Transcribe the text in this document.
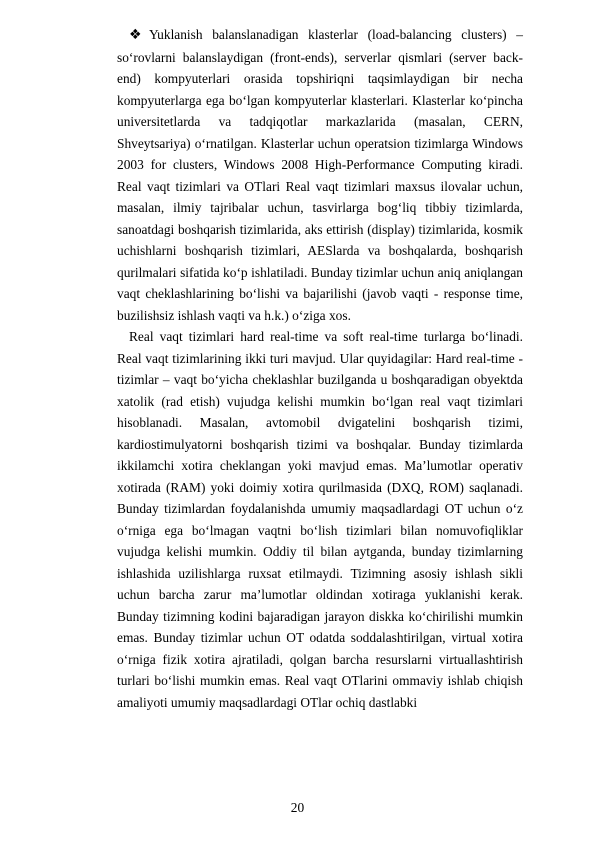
❖ Yuklanish balanslanadigan klasterlar (load-balancing clusters) – so‘rovlarni balanslaydigan (front-ends), serverlar qismlari (server back-end) kompyuterlari orasida topshiriqni taqsimlaydigan bir necha kompyuterlarga ega bo‘lgan kompyuterlar klasterlari. Klasterlar ko‘pincha universitetlarda va tadqiqotlar markazlarida (masalan, CERN, Shveytsariya) o‘rnatilgan. Klasterlar uchun operatsion tizimlarga Windows 2003 for clusters, Windows 2008 High-Performance Computing kiradi. Real vaqt tizimlari va OTlari Real vaqt tizimlari maxsus ilovalar uchun, masalan, ilmiy tajribalar uchun, tasvirlarga bog‘liq tibbiy tizimlarda, sanoatdagi boshqarish tizimlarida, aks ettirish (display) tizimlarida, kosmik uchishlarni boshqarish tizimlari, AESlarda va boshqalarda, boshqarish qurilmalari sifatida ko‘p ishlatiladi. Bunday tizimlar uchun aniq aniqlangan vaqt cheklashlarining bo‘lishi va bajarilishi (javob vaqti - response time, buzilishsiz ishlash vaqti va h.k.) o‘ziga xos.

Real vaqt tizimlari hard real-time va soft real-time turlarga bo‘linadi. Real vaqt tizimlarining ikki turi mavjud. Ular quyidagilar: Hard real-time - tizimlar – vaqt bo‘yicha cheklashlar buzilganda u boshqaradigan obyektda xatolik (rad etish) vujudga kelishi mumkin bo‘lgan real vaqt tizimlari hisoblanadi. Masalan, avtomobil dvigatelini boshqarish tizimi, kardiostimulyatorni boshqarish tizimi va boshqalar. Bunday tizimlarda ikkilamchi xotira cheklangan yoki mavjud emas. Ma’lumotlar operativ xotirada (RAM) yoki doimiy xotira qurilmasida (DXQ, ROM) saqlanadi. Bunday tizimlardan foydalanishda umumiy maqsadlardagi OT uchun o‘z o‘rniga ega bo‘lmagan vaqtni bo‘lish tizimlari bilan nomuvofiqliklar vujudga kelishi mumkin. Oddiy til bilan aytganda, bunday tizimlarning ishlashida uzilishlarga ruxsat etilmaydi. Tizimning asosiy ishlash sikli uchun barcha zarur ma’lumotlar oldindan xotiraga yuklanishi kerak. Bunday tizimning kodini bajaradigan jarayon diskka ko‘chirilishi mumkin emas. Bunday tizimlar uchun OT odatda soddalashtirilgan, virtual xotira o‘rniga fizik xotira ajratiladi, qolgan barcha resurslarni virtuallashtirish turlari bo‘lishi mumkin emas. Real vaqt OTlarini ommaviy ishlab chiqish amaliyoti umumiy maqsadlardagi OTlar ochiq dastlabki

20
